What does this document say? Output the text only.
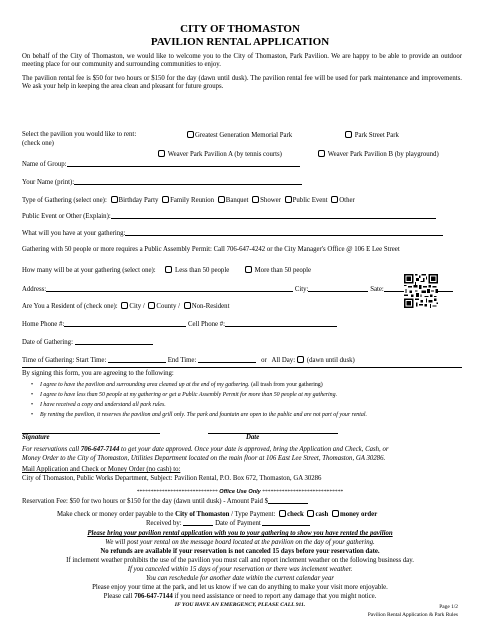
CITY OF THOMASTON
PAVILION RENTAL APPLICATION
On behalf of the City of Thomaston, we would like to welcome you to the City of Thomaston, Park Pavilion. We are happy to be able to provide an outdoor meeting place for our community and surrounding communities to enjoy.
The pavilion rental fee is $50 for two hours or $150 for the day (dawn until dusk). The pavilion rental fee will be used for park maintenance and improvements. We ask your help in keeping the area clean and pleasant for future groups.
Select the pavilion you would like to rent:
(check one)
Greatest Generation Memorial Park	Park Street Park
Weaver Park Pavilion A (by tennis courts)	Weaver Park Pavilion B (by playground)
Name of Group:
Your Name (print):
Type of Gathering (select one): Birthday Party Family Reunion Banquet Shower Public Event Other
Public Event or Other (Explain):
What will you have at your gathering:
Gathering with 50 people or more requires a Public Assembly Permit: Call 706-647-4242 or the City Manager's Office @ 106 E Lee Street
How many will be at your gathering (select one):	Less than 50 people	More than 50 people
Address:	City:	Sate:
Are You a Resident of (check one): City / County / Non-Resident
Home Phone #:	Cell Phone #:
Date of Gathering:
Time of Gathering: Start Time:	End Time:	or All Day: (dawn until dusk)
By signing this form, you are agreeing to the following:
• I agree to have the pavilion and surrounding area cleaned up at the end of my gathering. (all trash from your gathering)
• I agree to have less than 50 people at my gathering or get a Public Assembly Permit for more than 50 people at my gathering.
• I have received a copy and understand all park rules.
• By renting the pavilion, it reserves the pavilion and grill only. The park and fountain are open to the public and are not part of your rental.
Signature	Date
For reservations call 706-647-7144 to get your date approved. Once your date is approved, bring the Application and Check, Cash, or
Money Order to the City of Thomaston, Utilities Department located on the main floor at 106 East Lee Street, Thomaston, GA 30286.
Mail Application and Check or Money Order (no cash) to:
City of Thomaston, Public Works Department, Subject: Pavilion Rental, P.O. Box 672, Thomaston, GA 30286
***************************** Office Use Only *****************************
Reservation Fee: $50 for two hours or $150 for the day (dawn until dusk) - Amount Paid $
Make check or money order payable to the City of Thomaston / Type Payment: check cash money order
Received by:	Date of Payment
Please bring your pavilion rental application with you to your gathering to show you have rented the pavilion
We will post your rental on the message board located at the pavilion on the day of your gathering.
No refunds are available if your reservation is not canceled 15 days before your reservation date.
If inclement weather prohibits the use of the pavilion you must call and report inclement weather on the following business day.
If you canceled within 15 days of your reservation or there was inclement weather.
You can reschedule for another date within the current calendar year
Please enjoy your time at the park, and let us know if we can do anything to make your visit more enjoyable.
Please call 706-647-7144 if you need assistance or need to report any damage that you might notice.
IF YOU HAVE AN EMERGENCY, PLEASE CALL 911.	Page 1/2
Pavilion Rental Application & Park Rules
